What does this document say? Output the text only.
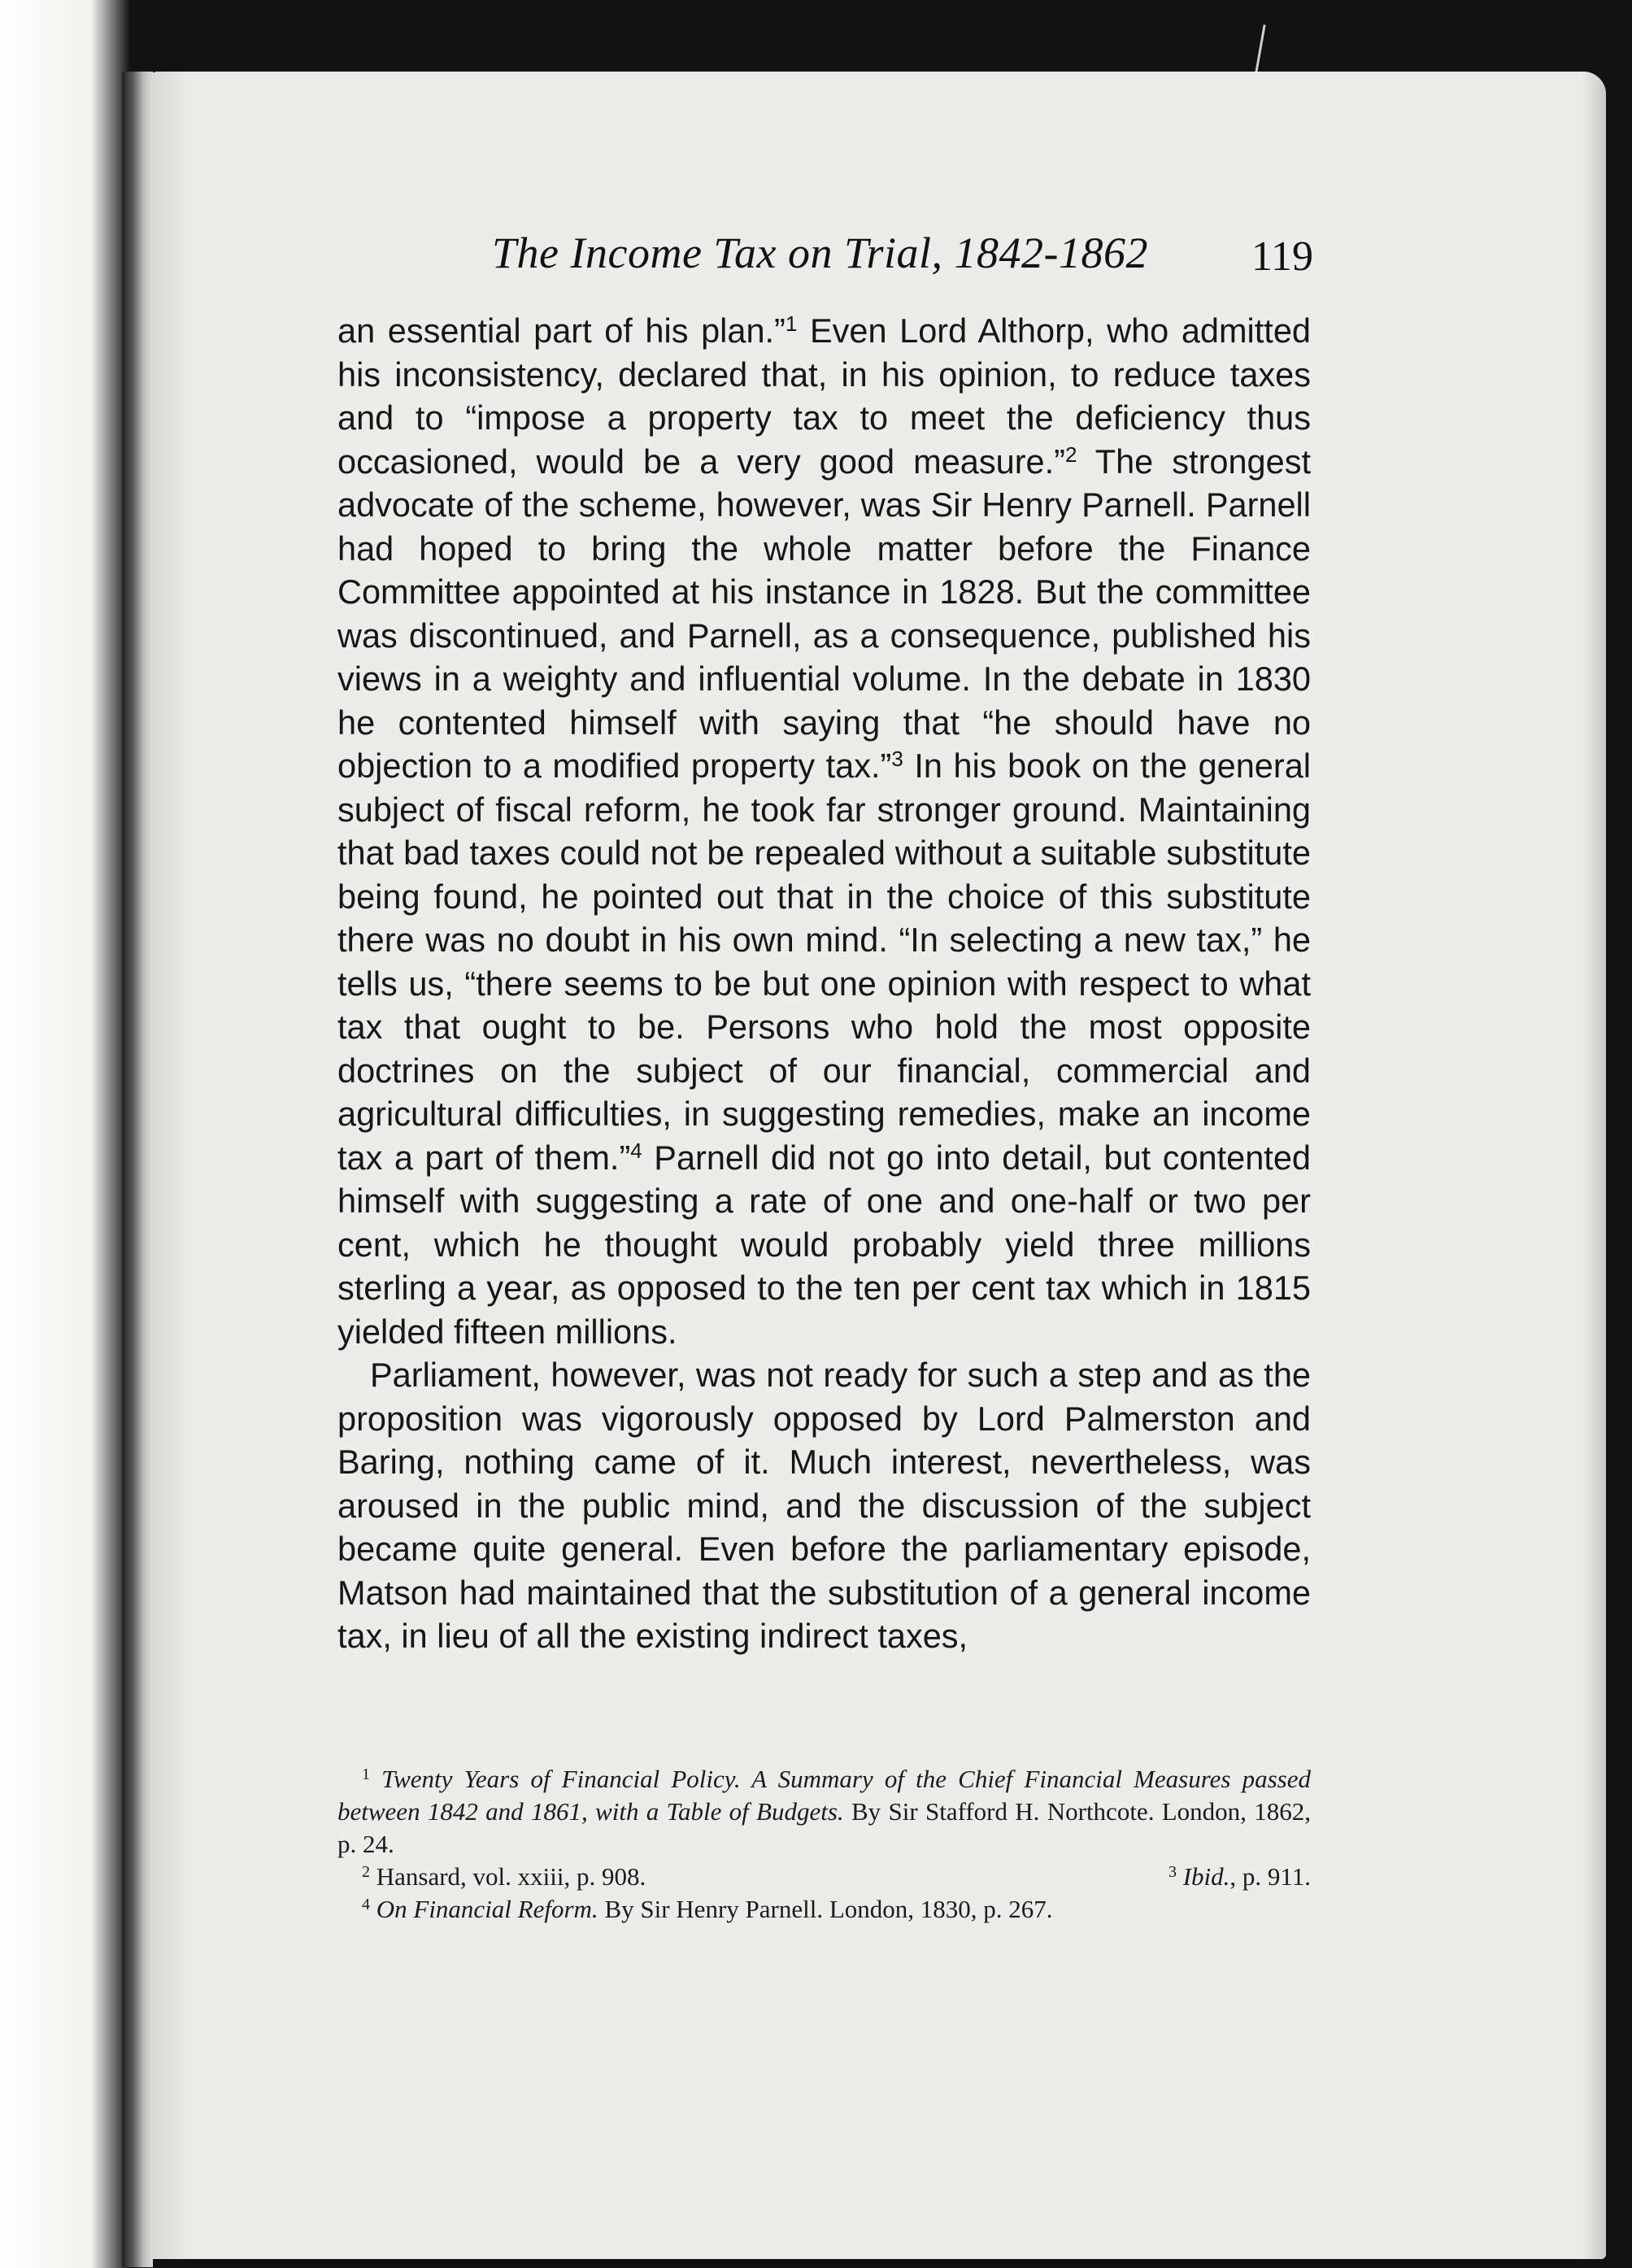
The Income Tax on Trial, 1842-1862 119

an essential part of his plan.”$^1$ Even Lord Althorp, who admitted his inconsistency, declared that, in his opinion, to reduce taxes and to “impose a property tax to meet the deficiency thus occasioned, would be a very good measure.”$^2$ The strongest advocate of the scheme, however, was Sir Henry Parnell. Parnell had hoped to bring the whole matter before the Finance Committee appointed at his instance in 1828. But the committee was discontinued, and Parnell, as a consequence, published his views in a weighty and influential volume. In the debate in 1830 he contented himself with saying that “he should have no objection to a modified property tax.”$^3$ In his book on the general subject of fiscal reform, he took far stronger ground. Maintaining that bad taxes could not be repealed without a suitable substitute being found, he pointed out that in the choice of this substitute there was no doubt in his own mind. “In selecting a new tax,” he tells us, “there seems to be but one opinion with respect to what tax that ought to be. Persons who hold the most opposite doctrines on the subject of our financial, commercial and agricultural difficulties, in suggesting remedies, make an income tax a part of them.”$^4$ Parnell did not go into detail, but contented himself with suggesting a rate of one and one-half or two per cent, which he thought would probably yield three millions sterling a year, as opposed to the ten per cent tax which in 1815 yielded fifteen millions.

Parliament, however, was not ready for such a step and as the proposition was vigorously opposed by Lord Palmerston and Baring, nothing came of it. Much interest, nevertheless, was aroused in the public mind, and the discussion of the subject became quite general. Even before the parliamentary episode, Matson had maintained that the substitution of a general income tax, in lieu of all the existing indirect taxes,

$^1$ Twenty Years of Financial Policy. A Summary of the Chief Financial Measures passed between 1842 and 1861, with a Table of Budgets. By Sir Stafford H. Northcote. London, 1862, p. 24.

$^2$ Hansard, vol. xxiii, p. 908.	$^3$ Ibid., p. 911.

$^4$ On Financial Reform. By Sir Henry Parnell. London, 1830, p. 267.
